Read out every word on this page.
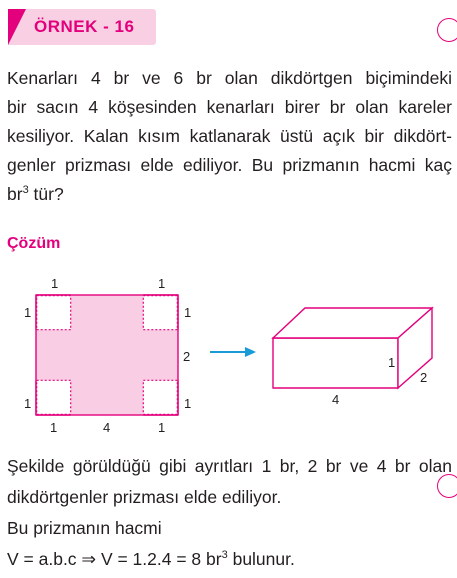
ÖRNEK - 16
Kenarları 4 br ve 6 br olan dikdörtgen biçimindeki
bir sacın 4 köşesinden kenarları birer br olan kareler
kesiliyor. Kalan kısım katlanarak üstü açık bir dikdört-
genler prizması elde ediliyor. Bu prizmanın hacmi kaç
$br^3$ tür?
Çözüm
1	1
1
1
1
2
1
1	4	1
1
2
4
Şekilde görüldüğü gibi ayrıtları 1 br, 2 br ve 4 br olan
dikdörtgenler prizması elde ediliyor.
Bu prizmanın hacmi
V = a.b.c ⇒ V = 1.2.4 = 8 $br^3$ bulunur.
